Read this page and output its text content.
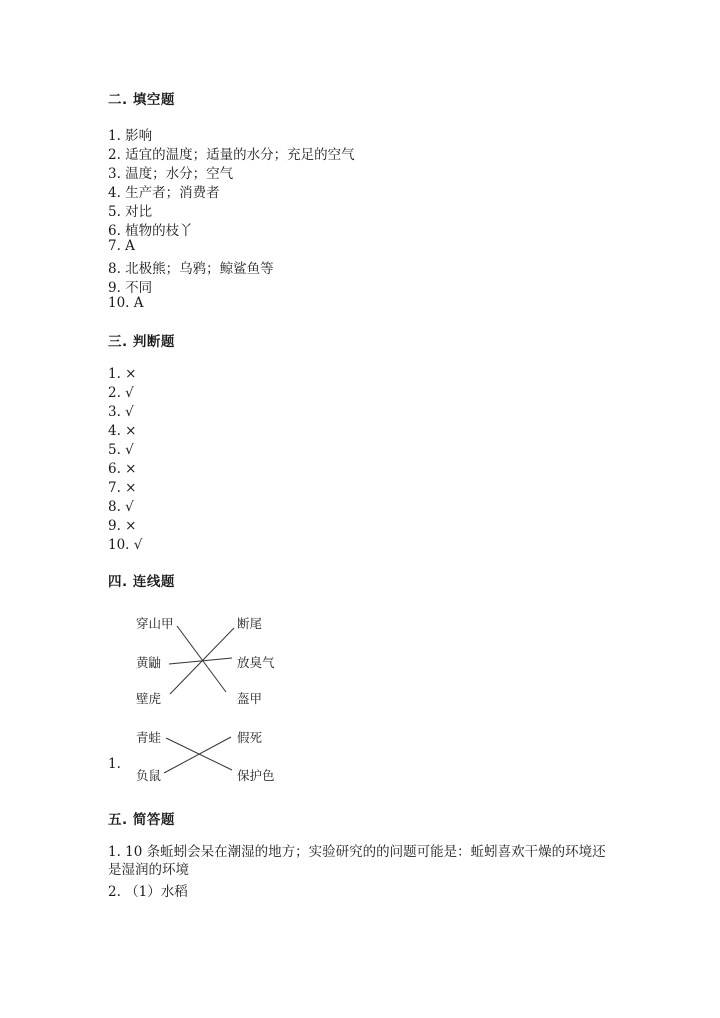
二. 填空题
1. 影响
2. 适宜的温度；适量的水分；充足的空气
3. 温度；水分；空气
4. 生产者；消费者
5. 对比
6. 植物的枝丫
7. A
8. 北极熊；乌鸦；鲸鲨鱼等
9. 不同
10. A
三. 判断题
1. ×
2. √
3. √
4. ×
5. √
6. ×
7. ×
8. √
9. ×
10. √
四. 连线题
穿山甲
黄鼬
壁虎
断尾
放臭气
盔甲
青蛙
负鼠
假死
保护色
1.
五. 简答题
1. 10 条蚯蚓会呆在潮湿的地方；实验研究的的问题可能是：蚯蚓喜欢干燥的环境还是湿润的环境
2. （1）水稻
